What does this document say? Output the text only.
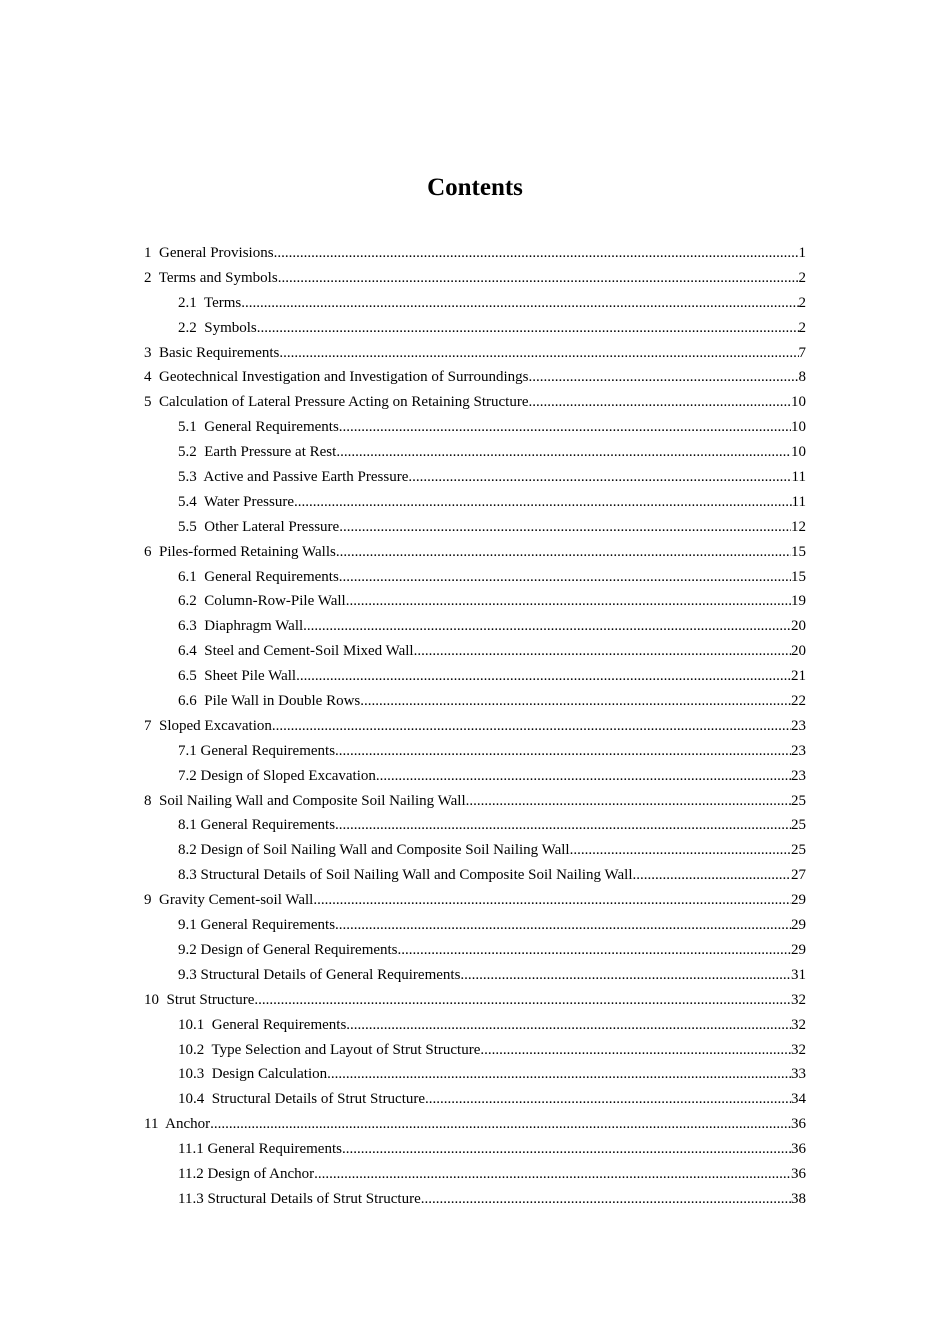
Contents
1  General Provisions .....	1
2  Terms and Symbols .....	2
2.1  Terms .....	2
2.2  Symbols .....	2
3  Basic Requirements .....	7
4  Geotechnical Investigation and Investigation of Surroundings .....	8
5  Calculation of Lateral Pressure Acting on Retaining Structure .....	10
5.1  General Requirements .....	10
5.2  Earth Pressure at Rest .....	10
5.3  Active and Passive Earth Pressure .....	11
5.4  Water Pressure .....	11
5.5  Other Lateral Pressure .....	12
6  Piles-formed Retaining Walls .....	15
6.1  General Requirements .....	15
6.2  Column-Row-Pile Wall .....	19
6.3  Diaphragm Wall .....	20
6.4  Steel and Cement-Soil Mixed Wall .....	20
6.5  Sheet Pile Wall .....	21
6.6  Pile Wall in Double Rows .....	22
7  Sloped Excavation .....	23
7.1 General Requirements .....	23
7.2 Design of Sloped Excavation .....	23
8  Soil Nailing Wall and Composite Soil Nailing Wall .....	25
8.1 General Requirements .....	25
8.2 Design of Soil Nailing Wall and Composite Soil Nailing Wall .....	25
8.3 Structural Details of Soil Nailing Wall and Composite Soil Nailing Wall .....	27
9  Gravity Cement-soil Wall .....	29
9.1 General Requirements .....	29
9.2 Design of General Requirements .....	29
9.3 Structural Details of General Requirements .....	31
10  Strut Structure .....	32
10.1  General Requirements .....	32
10.2  Type Selection and Layout of Strut Structure .....	32
10.3  Design Calculation .....	33
10.4  Structural Details of Strut Structure .....	34
11  Anchor .....	36
11.1 General Requirements .....	36
11.2 Design of Anchor .....	36
11.3 Structural Details of Strut Structure .....	38
